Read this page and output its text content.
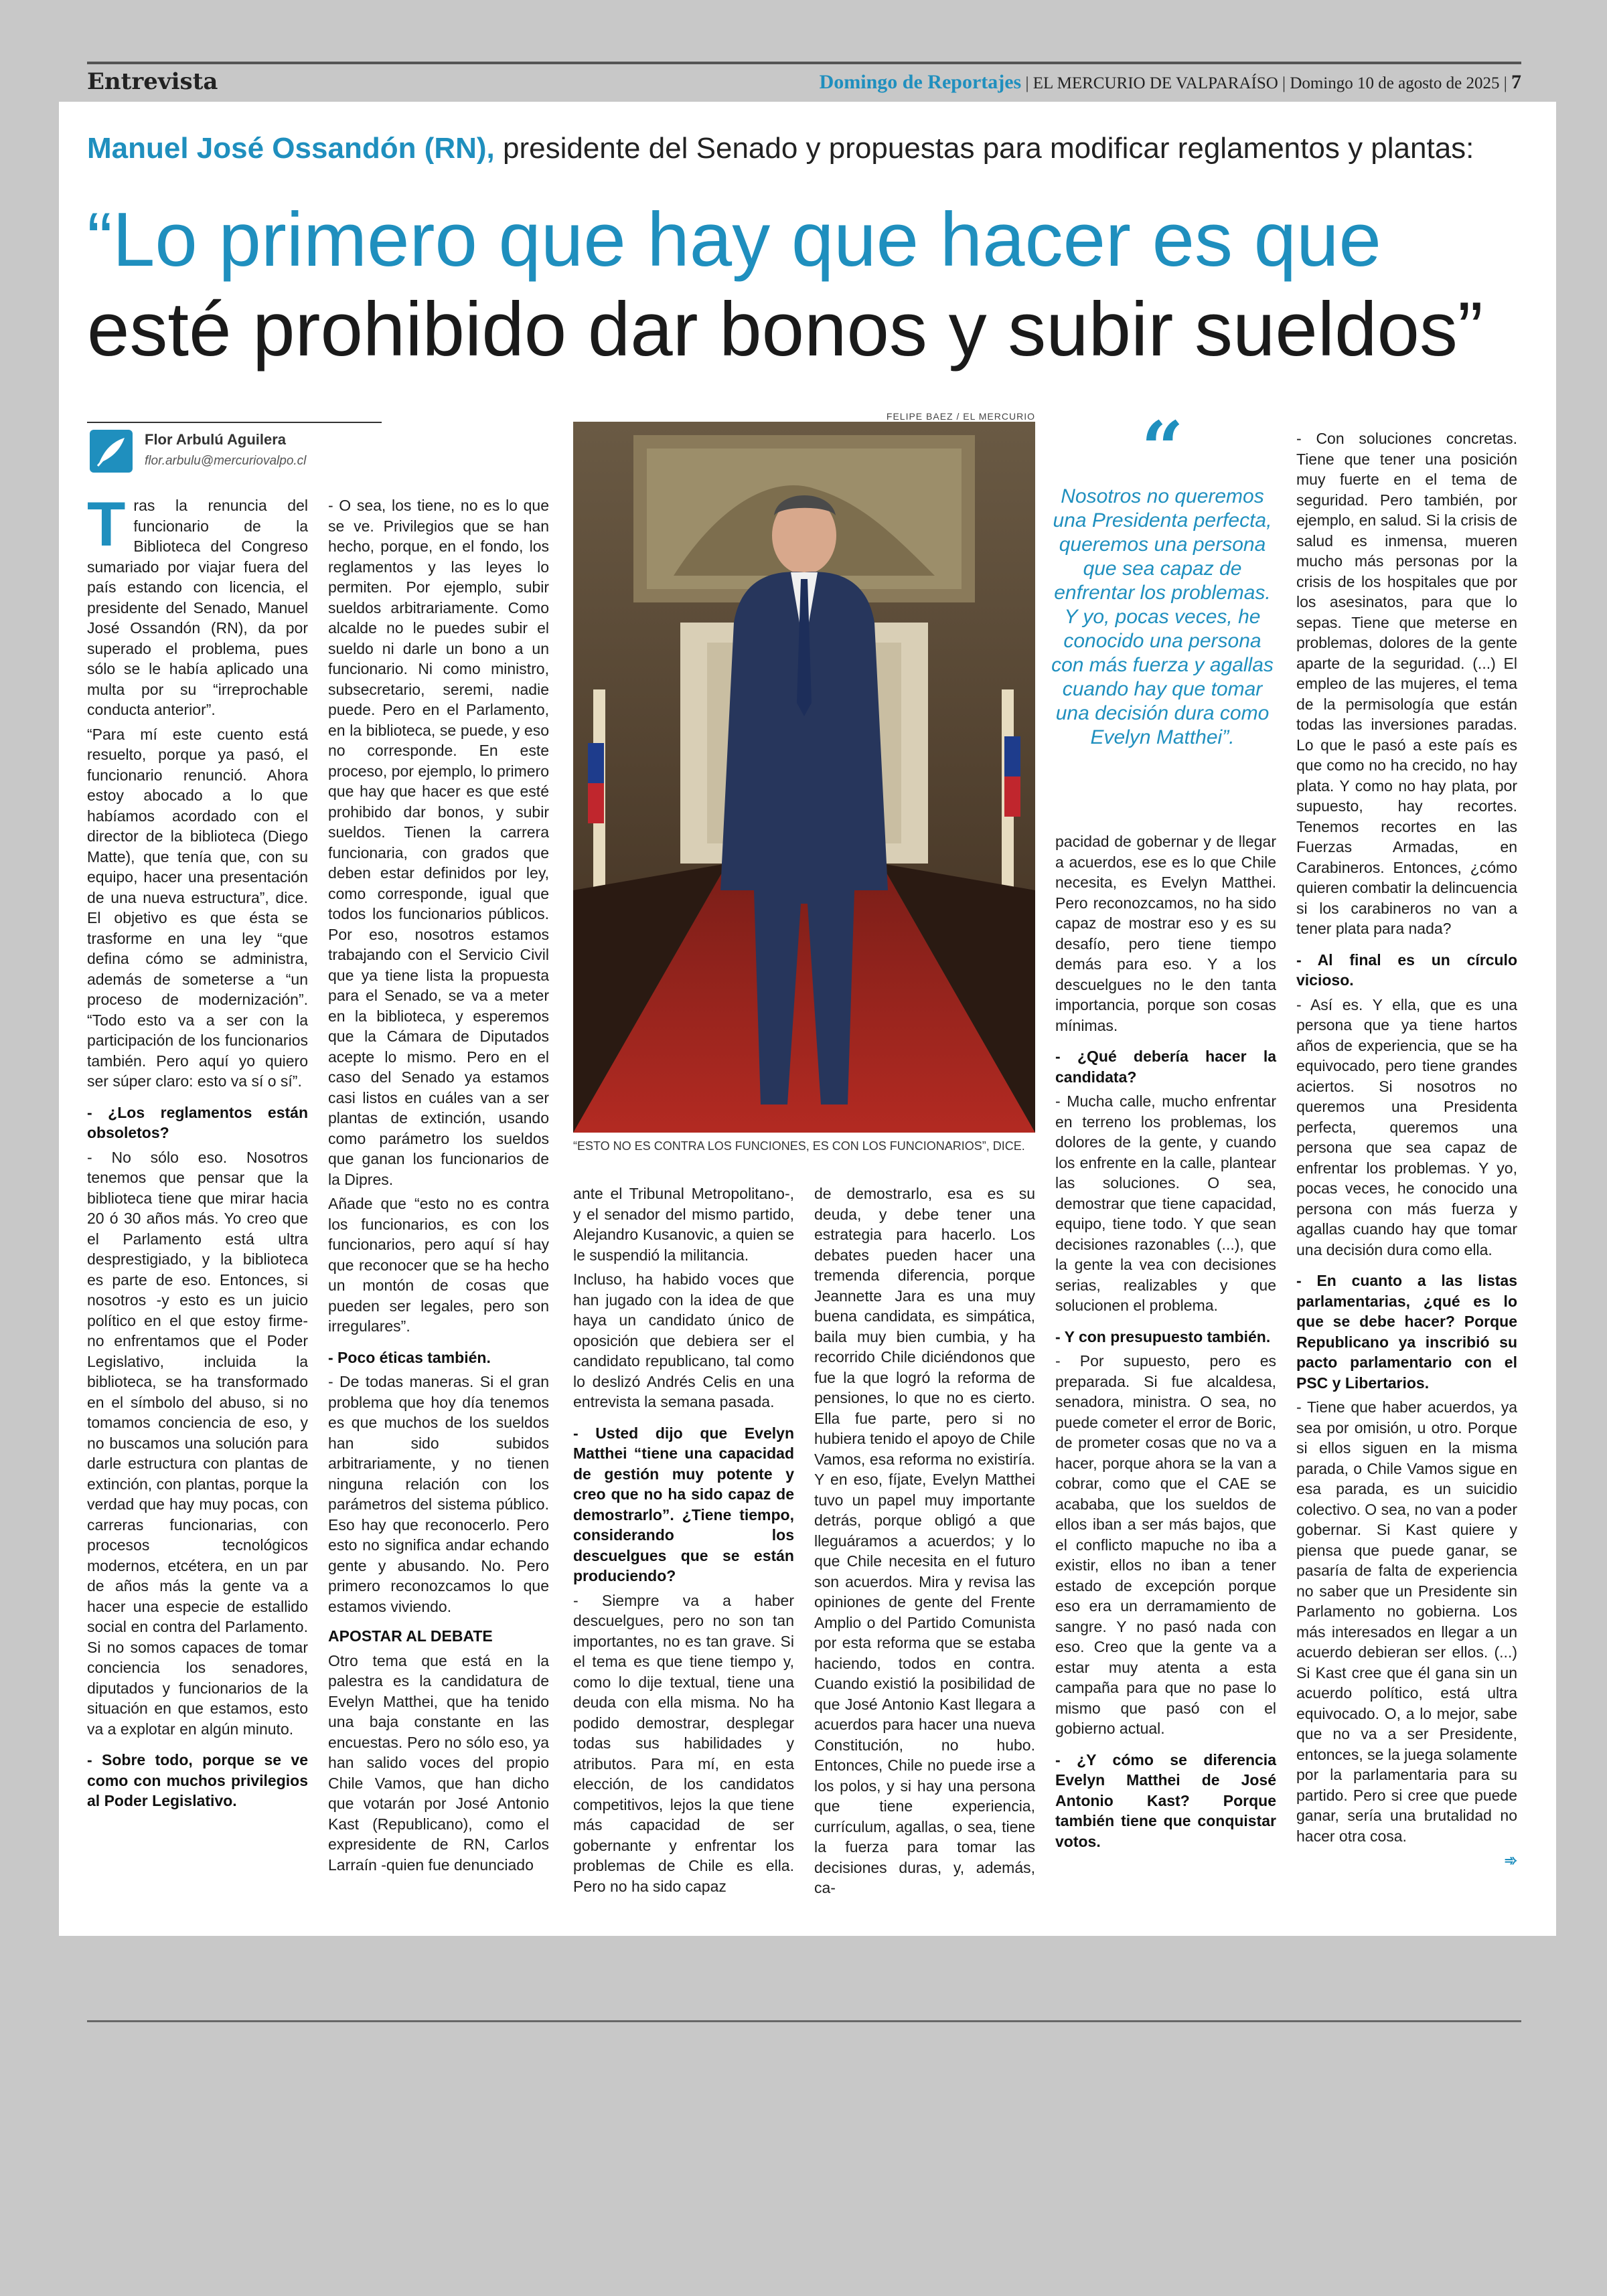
Entrevista	Domingo de Reportajes | EL MERCURIO DE VALPARAÍSO | Domingo 10 de agosto de 2025 | 7
Manuel José Ossandón (RN), presidente del Senado y propuestas para modificar reglamentos y plantas:
“Lo primero que hay que hacer es que
esté prohibido dar bonos y subir sueldos”
Flor Arbulú Aguilera
flor.arbulu@mercuriovalpo.cl

Tras la renuncia del funcionario de la Biblioteca del Congreso sumariado por viajar fuera del país estando con licencia, el presidente del Senado, Manuel José Ossandón (RN), da por superado el problema, pues sólo se le había aplicado una multa por su “irreprochable conducta anterior”.

“Para mí este cuento está resuelto, porque ya pasó, el funcionario renunció. Ahora estoy abocado a lo que habíamos acordado con el director de la biblioteca (Diego Matte), que tenía que, con su equipo, hacer una presentación de una nueva estructura”, dice. El objetivo es que ésta se trasforme en una ley “que defina cómo se administra, además de someterse a “un proceso de modernización”. “Todo esto va a ser con la participación de los funcionarios también. Pero aquí yo quiero ser súper claro: esto va sí o sí”.

- ¿Los reglamentos están obsoletos?

- No sólo eso. Nosotros tenemos que pensar que la biblioteca tiene que mirar hacia 20 ó 30 años más. Yo creo que el Parlamento está ultra desprestigiado, y la biblioteca es parte de eso. Entonces, si nosotros -y esto es un juicio político en el que estoy firme- no enfrentamos que el Poder Legislativo, incluida la biblioteca, se ha transformado en el símbolo del abuso, si no tomamos conciencia de eso, y no buscamos una solución para darle estructura con plantas de extinción, con plantas, porque la verdad que hay muy pocas, con carreras funcionarias, con procesos tecnológicos modernos, etcétera, en un par de años más la gente va a hacer una especie de estallido social en contra del Parlamento. Si no somos capaces de tomar conciencia los senadores, diputados y funcionarios de la situación en que estamos, esto va a explotar en algún minuto.

- Sobre todo, porque se ve como con muchos privilegios al Poder Legislativo.

- O sea, los tiene, no es lo que se ve. Privilegios que se han hecho, porque, en el fondo, los reglamentos y las leyes lo permiten. Por ejemplo, subir sueldos arbitrariamente. Como alcalde no le puedes subir el sueldo ni darle un bono a un funcionario. Ni como ministro, subsecretario, seremi, nadie puede. Pero en el Parlamento, en la biblioteca, se puede, y eso no corresponde. En este proceso, por ejemplo, lo primero que hay que hacer es que esté prohibido dar bonos, y subir sueldos. Tienen la carrera funcionaria, con grados que deben estar definidos por ley, como corresponde, igual que todos los funcionarios públicos. Por eso, nosotros estamos trabajando con el Servicio Civil que ya tiene lista la propuesta para el Senado, se va a meter en la biblioteca, y esperemos que la Cámara de Diputados acepte lo mismo. Pero en el caso del Senado ya estamos casi listos en cuáles van a ser plantas de extinción, usando como parámetro los sueldos que ganan los funcionarios de la Dipres.

Añade que “esto no es contra los funcionarios, es con los funcionarios, pero aquí sí hay que reconocer que se ha hecho un montón de cosas que pueden ser legales, pero son irregulares”.

- Poco éticas también.

- De todas maneras. Si el gran problema que hoy día tenemos es que muchos de los sueldos han sido subidos arbitrariamente, y no tienen ninguna relación con los parámetros del sistema público. Eso hay que reconocerlo. Pero esto no significa andar echando gente y abusando. No. Pero primero reconozcamos lo que estamos viviendo.

APOSTAR AL DEBATE

Otro tema que está en la palestra es la candidatura de Evelyn Matthei, que ha tenido una baja constante en las encuestas. Pero no sólo eso, ya han salido voces del propio Chile Vamos, que han dicho que votarán por José Antonio Kast (Republicano), como el expresidente de RN, Carlos Larraín -quien fue denunciado

FELIPE BAEZ / EL MERCURIO
“ESTO NO ES CONTRA LOS FUNCIONES, ES CON LOS FUNCIONARIOS”, DICE.

ante el Tribunal Metropolitano-, y el senador del mismo partido, Alejandro Kusanovic, a quien se le suspendió la militancia.

Incluso, ha habido voces que han jugado con la idea de que haya un candidato único de oposición que debiera ser el candidato republicano, tal como lo deslizó Andrés Celis en una entrevista la semana pasada.

- Usted dijo que Evelyn Matthei “tiene una capacidad de gestión muy potente y creo que no ha sido capaz de demostrarlo”. ¿Tiene tiempo, considerando los descuelgues que se están produciendo?

- Siempre va a haber descuelgues, pero no son tan importantes, no es tan grave. Si el tema es que tiene tiempo y, como lo dije textual, tiene una deuda con ella misma. No ha podido demostrar, desplegar todas sus habilidades y atributos. Para mí, en esta elección, de los candidatos competitivos, lejos la que tiene más capacidad de ser gobernante y enfrentar los problemas de Chile es ella. Pero no ha sido capaz

de demostrarlo, esa es su deuda, y debe tener una estrategia para hacerlo. Los debates pueden hacer una tremenda diferencia, porque Jeannette Jara es una muy buena candidata, es simpática, baila muy bien cumbia, y ha recorrido Chile diciéndonos que fue la que logró la reforma de pensiones, lo que no es cierto. Ella fue parte, pero si no hubiera tenido el apoyo de Chile Vamos, esa reforma no existiría. Y en eso, fíjate, Evelyn Matthei tuvo un papel muy importante detrás, porque obligó a que lleguáramos a acuerdos; y lo que Chile necesita en el futuro son acuerdos. Mira y revisa las opiniones de gente del Frente Amplio o del Partido Comunista por esta reforma que se estaba haciendo, todos en contra. Cuando existió la posibilidad de que José Antonio Kast llegara a acuerdos para hacer una nueva Constitución, no hubo. Entonces, Chile no puede irse a los polos, y si hay una persona que tiene experiencia, currículum, agallas, o sea, tiene la fuerza para tomar las decisiones duras, y, además, ca-

“
Nosotros no queremos una Presidenta perfecta, queremos una persona que sea capaz de enfrentar los problemas. Y yo, pocas veces, he conocido una persona con más fuerza y agallas cuando hay que tomar una decisión dura como Evelyn Matthei”.

pacidad de gobernar y de llegar a acuerdos, ese es lo que Chile necesita, es Evelyn Matthei. Pero reconozcamos, no ha sido capaz de mostrar eso y es su desafío, pero tiene tiempo demás para eso. Y a los descuelgues no le den tanta importancia, porque son cosas mínimas.

- ¿Qué debería hacer la candidata?

- Mucha calle, mucho enfrentar en terreno los problemas, los dolores de la gente, y cuando los enfrente en la calle, plantear las soluciones. O sea, demostrar que tiene capacidad, equipo, tiene todo. Y que sean decisiones razonables (...), que la gente la vea con decisiones serias, realizables y que solucionen el problema.

- Y con presupuesto también.

- Por supuesto, pero es preparada. Si fue alcaldesa, senadora, ministra. O sea, no puede cometer el error de Boric, de prometer cosas que no va a hacer, porque ahora se la van a cobrar, como que el CAE se acababa, que los sueldos de ellos iban a ser más bajos, que el conflicto mapuche no iba a existir, ellos no iban a tener estado de excepción porque eso era un derramamiento de sangre. Y no pasó nada con eso. Creo que la gente va a estar muy atenta a esta campaña para que no pase lo mismo que pasó con el gobierno actual.

- ¿Y cómo se diferencia Evelyn Matthei de José Antonio Kast? Porque también tiene que conquistar votos.

- Con soluciones concretas. Tiene que tener una posición muy fuerte en el tema de seguridad. Pero también, por ejemplo, en salud. Si la crisis de salud es inmensa, mueren mucho más personas por la crisis de los hospitales que por los asesinatos, para que lo sepas. Tiene que meterse en problemas, dolores de la gente aparte de la seguridad. (...) El empleo de las mujeres, el tema de la permisología que están todas las inversiones paradas. Lo que le pasó a este país es que como no ha crecido, no hay plata. Y como no hay plata, por supuesto, hay recortes. Tenemos recortes en las Fuerzas Armadas, en Carabineros. Entonces, ¿cómo quieren combatir la delincuencia si los carabineros no van a tener plata para nada?

- Al final es un círculo vicioso.

- Así es. Y ella, que es una persona que ya tiene hartos años de experiencia, que se ha equivocado, pero tiene grandes aciertos. Si nosotros no queremos una Presidenta perfecta, queremos una persona que sea capaz de enfrentar los problemas. Y yo, pocas veces, he conocido una persona con más fuerza y agallas cuando hay que tomar una decisión dura como ella.

- En cuanto a las listas parlamentarias, ¿qué es lo que se debe hacer? Porque Republicano ya inscribió su pacto parlamentario con el PSC y Libertarios.

- Tiene que haber acuerdos, ya sea por omisión, u otro. Porque si ellos siguen en la misma parada, o Chile Vamos sigue en esa parada, es un suicidio colectivo. O sea, no van a poder gobernar. Si Kast quiere y piensa que puede ganar, se pasaría de falta de experiencia no saber que un Presidente sin Parlamento no gobierna. Los más interesados en llegar a un acuerdo debieran ser ellos. (...) Si Kast cree que él gana sin un acuerdo político, está ultra equivocado. O, a lo mejor, sabe que no va a ser Presidente, entonces, se la juega solamente por la parlamentaria para su partido. Pero si cree que puede ganar, sería una brutalidad no hacer otra cosa.

➾
